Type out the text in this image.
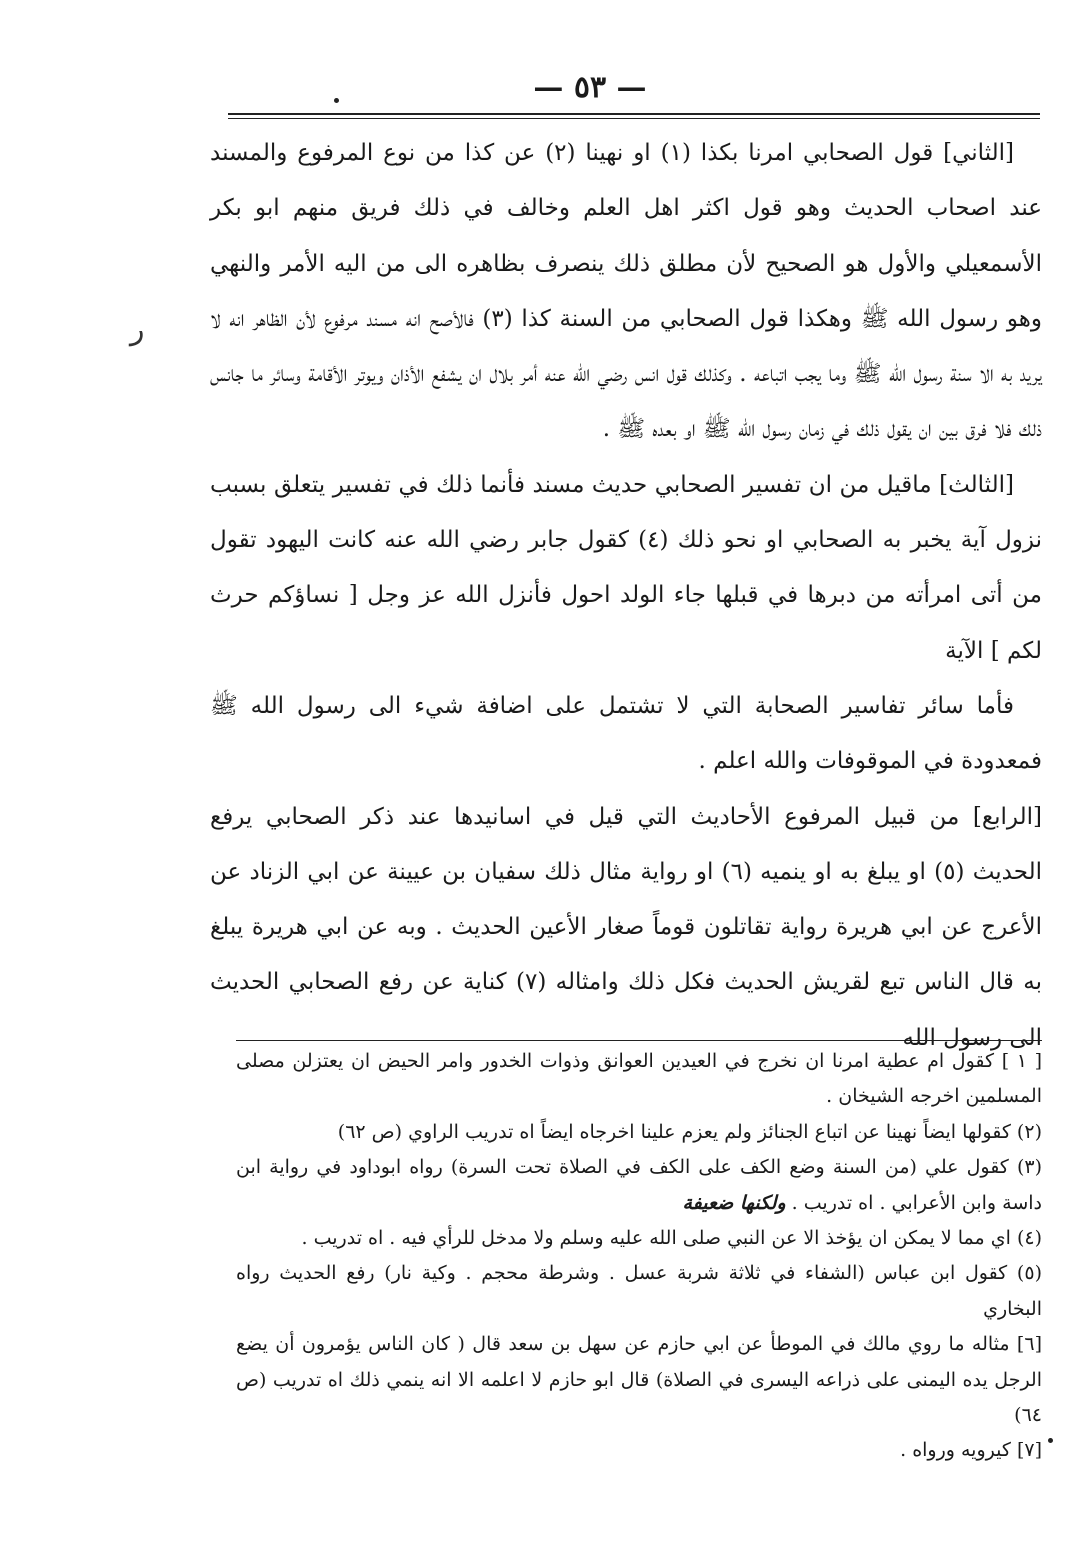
— ٥٣ —
ر

[الثاني] قول الصحابي امرنا بكذا (١) او نهينا (٢) عن كذا من نوع المرفوع والمسند عند اصحاب الحديث وهو قول اكثر اهل العلم وخالف في ذلك فريق منهم ابو بكر الأسمعيلي والأول هو الصحيح لأن مطلق ذلك ينصرف بظاهره الى من اليه الأمر والنهي وهو رسول الله ﷺ وهكذا قول الصحابي من السنة كذا (٣) فالأصح انه مسند مرفوع لأن الظاهر انه لا يريد به الا سنة رسول الله ﷺ وما يجب اتباعه . وكذلك قول انس رضي الله عنه أمر بلال ان يشفع الأذان ويوتر الأقامة وسائر ما جانس ذلك فلا فرق بين ان يقول ذلك في زمان رسول الله ﷺ او بعده ﷺ .

[الثالث] ماقيل من ان تفسير الصحابي حديث مسند فأنما ذلك في تفسير يتعلق بسبب نزول آية يخبر به الصحابي او نحو ذلك (٤) كقول جابر رضي الله عنه كانت اليهود تقول من أتى امرأته من دبرها في قبلها جاء الولد احول فأنزل الله عز وجل [ نساؤكم حرث لكم ] الآية

فأما سائر تفاسير الصحابة التي لا تشتمل على اضافة شيء الى رسول الله ﷺ فمعدودة في الموقوفات والله اعلم .

[الرابع] من قبيل المرفوع الأحاديث التي قيل في اسانيدها عند ذكر الصحابي يرفع الحديث (٥) او يبلغ به او ينميه (٦) او رواية مثال ذلك سفيان بن عيينة عن ابي الزناد عن الأعرج عن ابي هريرة رواية تقاتلون قوماً صغار الأعين الحديث . وبه عن ابي هريرة يبلغ به قال الناس تبع لقريش الحديث فكل ذلك وامثاله (٧) كناية عن رفع الصحابي الحديث الى رسول الله

[ ١ ] كقول ام عطية امرنا ان نخرج في العيدين العوانق وذوات الخدور وامر الحيض ان يعتزلن مصلى المسلمين اخرجه الشيخان .

(٢) كقولها ايضاً نهينا عن اتباع الجنائز ولم يعزم علينا اخرجاه ايضاً اه تدريب الراوي (ص ٦٢)

(٣) كقول علي (من السنة وضع الكف على الكف في الصلاة تحت السرة) رواه ابوداود في رواية ابن داسة وابن الأعرابي . اه تدريب . ولكنها ضعيفة

(٤) اي مما لا يمكن ان يؤخذ الا عن النبي صلى الله عليه وسلم ولا مدخل للرأي فيه . اه تدريب .

(٥) كقول ابن عباس (الشفاء في ثلاثة شربة عسل . وشرطة محجم . وكية نار) رفع الحديث رواه البخاري

[٦] مثاله ما روي مالك في الموطأ عن ابي حازم عن سهل بن سعد قال ( كان الناس يؤمرون أن يضع الرجل يده اليمنى على ذراعه اليسرى في الصلاة) قال ابو حازم لا اعلمه الا انه ينمي ذلك اه تدريب (ص ٦٤)

[٧] كيرويه ورواه .
